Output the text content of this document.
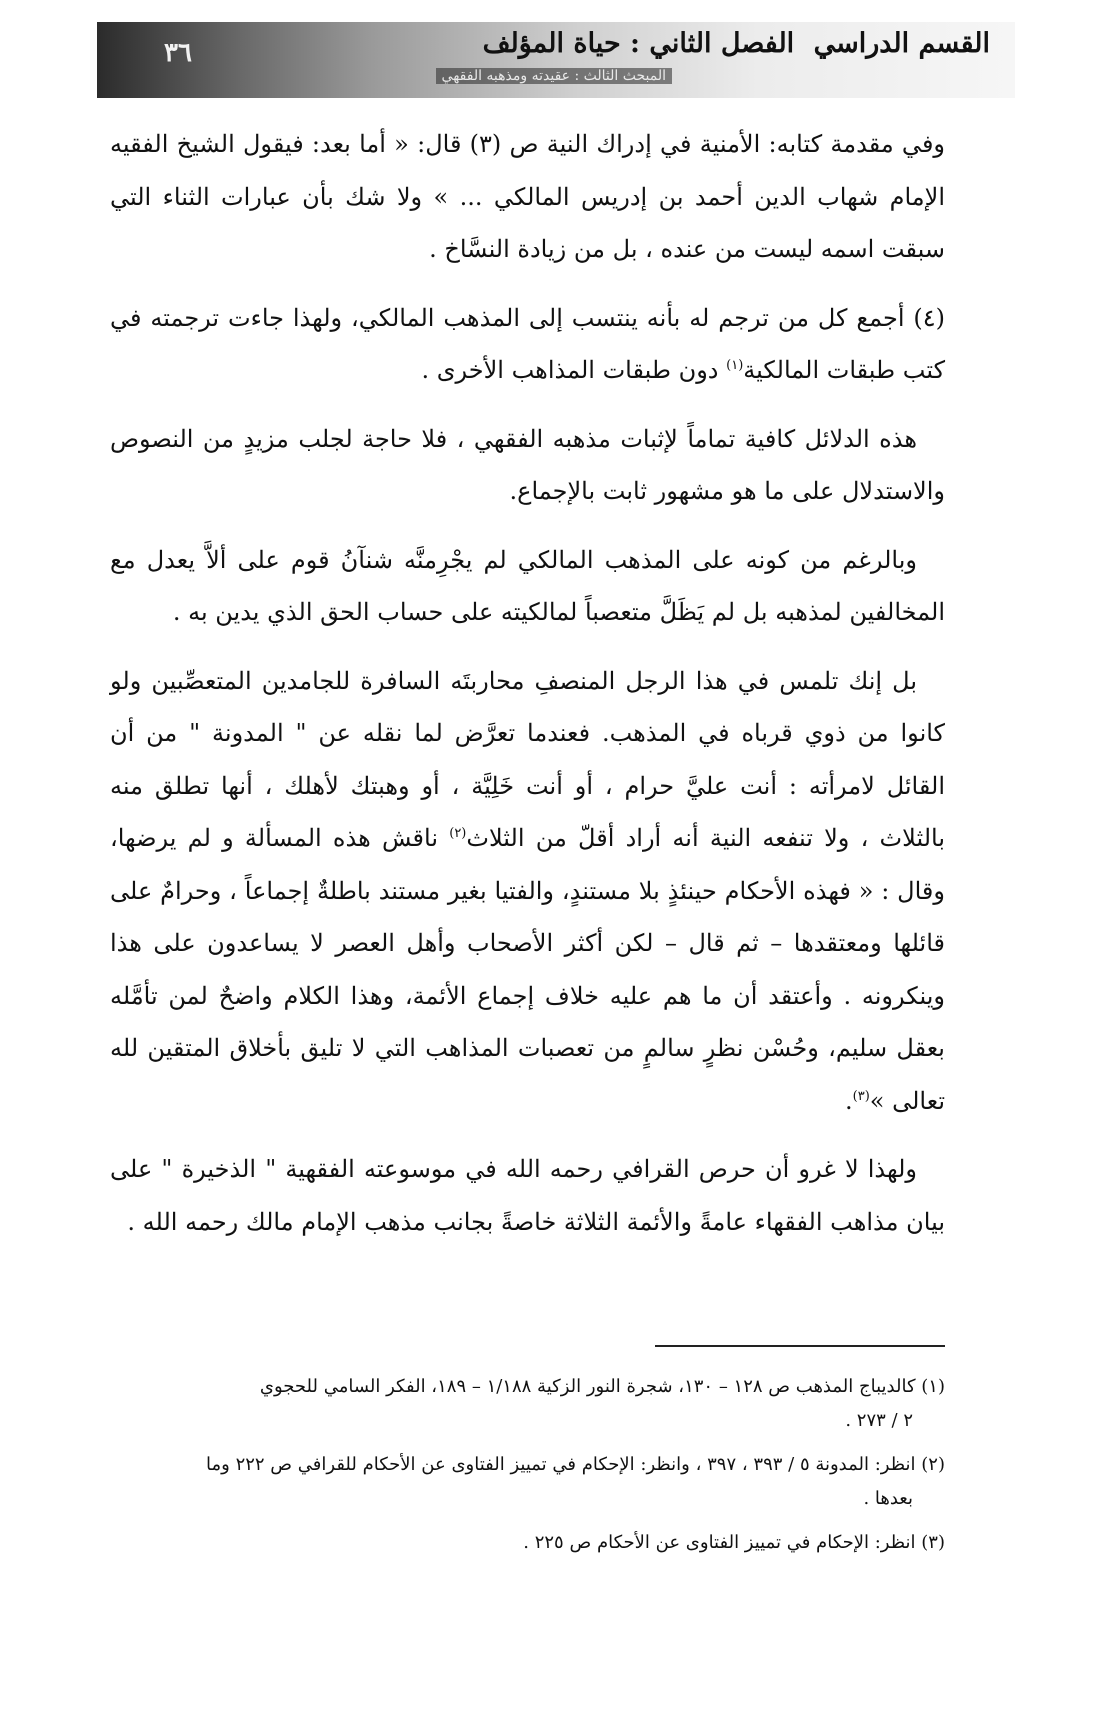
٣٦	القسم الدراسي الفصل الثاني : حياة المؤلف
المبحث الثالث : عقيدته ومذهبه الفقهي

وفي مقدمة كتابه: الأمنية في إدراك النية ص (٣) قال: « أما بعد: فيقول الشيخ الفقيه الإمام شهاب الدين أحمد بن إدريس المالكي ... » ولا شك بأن عبارات الثناء التي سبقت اسمه ليست من عنده ، بل من زيادة النسَّاخ .

(٤) أجمع كل من ترجم له بأنه ينتسب إلى المذهب المالكي، ولهذا جاءت ترجمته في كتب طبقات المالكية$^{(١)}$ دون طبقات المذاهب الأخرى .

هذه الدلائل كافية تماماً لإثبات مذهبه الفقهي ، فلا حاجة لجلب مزيدٍ من النصوص والاستدلال على ما هو مشهور ثابت بالإجماع.

وبالرغم من كونه على المذهب المالكي لم يجْرِمنَّه شنآنُ قوم على ألاَّ يعدل مع المخالفين لمذهبه بل لم يَظَلَّ متعصباً لمالكيته على حساب الحق الذي يدين به .

بل إنك تلمس في هذا الرجل المنصفِ محاربتَه السافرة للجامدين المتعصِّبين ولو كانوا من ذوي قرباه في المذهب. فعندما تعرَّض لما نقله عن " المدونة " من أن القائل لامرأته : أنت عليَّ حرام ، أو أنت خَلِيَّة ، أو وهبتك لأهلك ، أنها تطلق منه بالثلاث ، ولا تنفعه النية أنه أراد أقلّ من الثلاث$^{(٢)}$ ناقش هذه المسألة و لم يرضها، وقال : « فهذه الأحكام حينئذٍ بلا مستندٍ، والفتيا بغير مستند باطلةٌ إجماعاً ، وحرامٌ على قائلها ومعتقدها – ثم قال – لكن أكثر الأصحاب وأهل العصر لا يساعدون على هذا وينكرونه . وأعتقد أن ما هم عليه خلاف إجماع الأئمة، وهذا الكلام واضحٌ لمن تأمَّله بعقل سليم، وحُسْن نظرٍ سالمٍ من تعصبات المذاهب التي لا تليق بأخلاق المتقين لله تعالى »$^{(٣)}$.

ولهذا لا غرو أن حرص القرافي رحمه الله في موسوعته الفقهية " الذخيرة " على بيان مذاهب الفقهاء عامةً والأئمة الثلاثة خاصةً بجانب مذهب الإمام مالك رحمه الله .

(١) كالديباج المذهب ص ١٢٨ – ١٣٠، شجرة النور الزكية ١/١٨٨ – ١٨٩، الفكر السامي للحجوي
٢ / ٢٧٣ .
(٢) انظر: المدونة ٥ / ٣٩٣ ، ٣٩٧ ، وانظر: الإحكام في تمييز الفتاوى عن الأحكام للقرافي ص ٢٢٢ وما
بعدها .
(٣) انظر: الإحكام في تمييز الفتاوى عن الأحكام ص ٢٢٥ .
